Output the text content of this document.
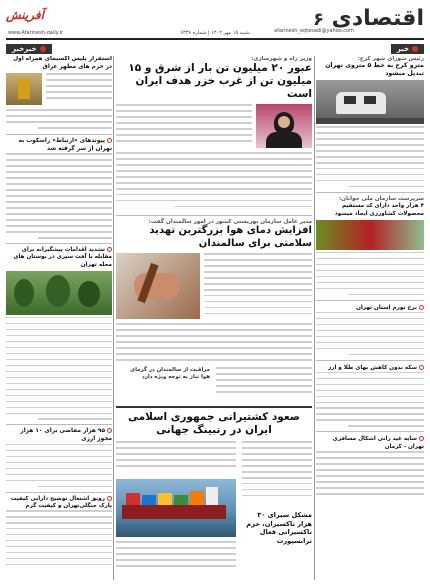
اقتصادی ۶
آفرینش
www.Afarinesh-daily.ir	شنبه ۱۵ مهر ۱۴۰۲ | شماره ۶۳۳۸	afarinesh_eqtesadi@yahoo.com
خبر
خبرخبر
رئیس شورای شهر کرج:
مترو کرج به خط ۵ متروی تهران تبدیل میشود
سرپرست سازمان ملی جوانان:
۴ هزار واحد دارای کد مستقیم محصولات کشاورزی ایجاد میشود
نرخ تورم استان تهران
سکه بدون کاهش بهای طلا و ارز
سایه عید رانی اشکال مسافری تهران - کرمان
وزیر راه و شهرسازی:
عبور ۲۰ میلیون تن بار از شرق و ۱۵ میلیون تن از غرب خزر هدف ایران است
مدیر عامل سازمان بهزیستی کشور در امور سالمندان گفت:
افزایش دمای هوا بزرگترین تهدید سلامتی برای سالمندان
مراقبت از سالمندان در گرمای هوا نیاز به توجه ویژه دارد
صعود کشتیرانی جمهوری اسلامی ایران در رتبینگ جهانی
مشکل سیرای ۳۰ هزار تاکسیران، حزم تاکسیرانی فعال ترانسپورت
استقرار پلیس اکسیمای همراه اول در حرم های مطهر عراق
پیوندهای «ارتباط» زاسکوب به تهران از سر گرفته شد
تشدید اقدامات پیشگیرانه برای مقابله با آفت سیری در بوستان های محله تهران
۹۵ هزار مقاضی برای ۱۰ هزار مجوز ارزی
رونق اشتغال توضیح دارایی کیفیت پارک جنگلی‌تهران و کیفیت گرم
